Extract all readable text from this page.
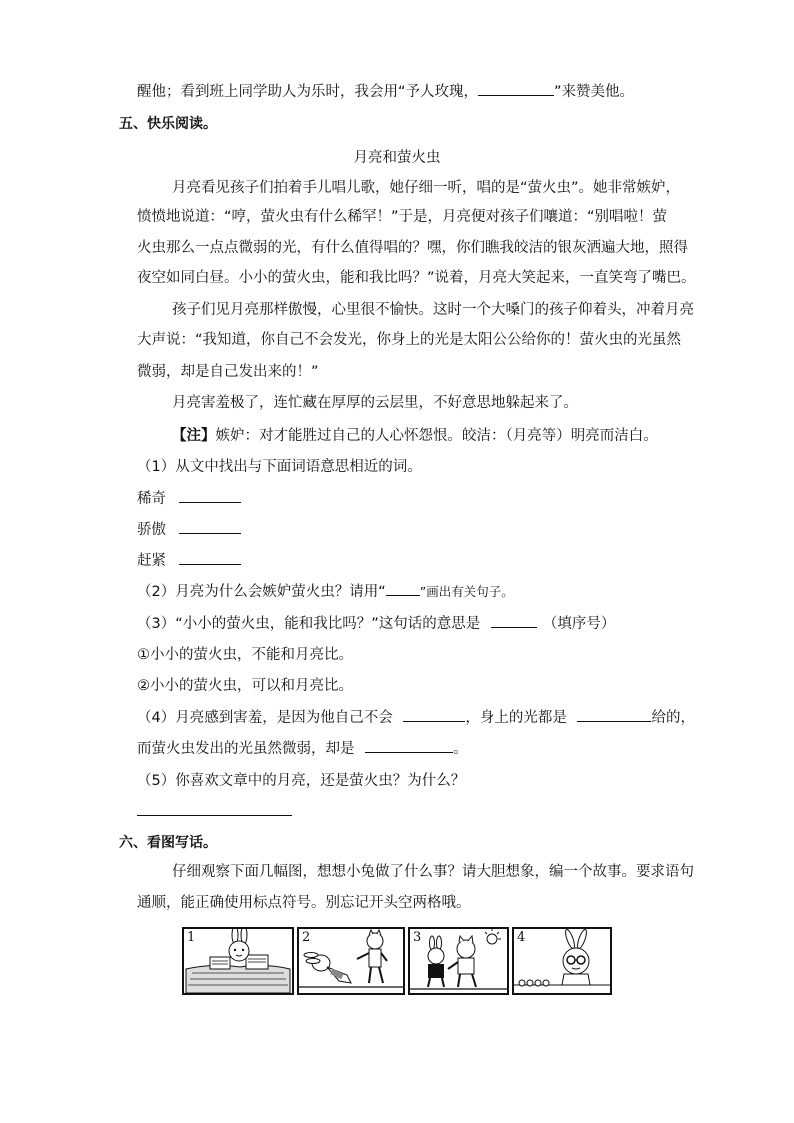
醒他；看到班上同学助人为乐时，我会用“予人玫瑰，	”来赞美他。
五、快乐阅读。
月亮和萤火虫
月亮看见孩子们拍着手儿唱儿歌，她仔细一听，唱的是“萤火虫”。她非常嫉妒，
愤愤地说道：“哼，萤火虫有什么稀罕！”于是，月亮便对孩子们嚷道：“别唱啦！萤
火虫那么一点点微弱的光，有什么值得唱的？嘿，你们瞧我皎洁的银灰洒遍大地，照得
夜空如同白昼。小小的萤火虫，能和我比吗？”说着，月亮大笑起来，一直笑弯了嘴巴。
孩子们见月亮那样傲慢，心里很不愉快。这时一个大嗓门的孩子仰着头，冲着月亮
大声说：“我知道，你自己不会发光，你身上的光是太阳公公给你的！萤火虫的光虽然
微弱，却是自己发出来的！”
月亮害羞极了，连忙藏在厚厚的云层里，不好意思地躲起来了。
【注】嫉妒：对才能胜过自己的人心怀怨恨。皎洁：（月亮等）明亮而洁白。
（1）从文中找出与下面词语意思相近的词。
稀奇
骄傲
赶紧
（2）月亮为什么会嫉妒萤火虫？请用“	”画出有关句子。
（3）“小小的萤火虫，能和我比吗？”这句话的意思是	（填序号）
①小小的萤火虫，不能和月亮比。
②小小的萤火虫，可以和月亮比。
（4）月亮感到害羞，是因为他自己不会	，身上的光都是	给的，
而萤火虫发出的光虽然微弱，却是	。
（5）你喜欢文章中的月亮，还是萤火虫？为什么？
六、看图写话。
仔细观察下面几幅图，想想小兔做了什么事？请大胆想象，编一个故事。要求语句
通顺，能正确使用标点符号。别忘记开头空两格哦。
1	2	3	4
